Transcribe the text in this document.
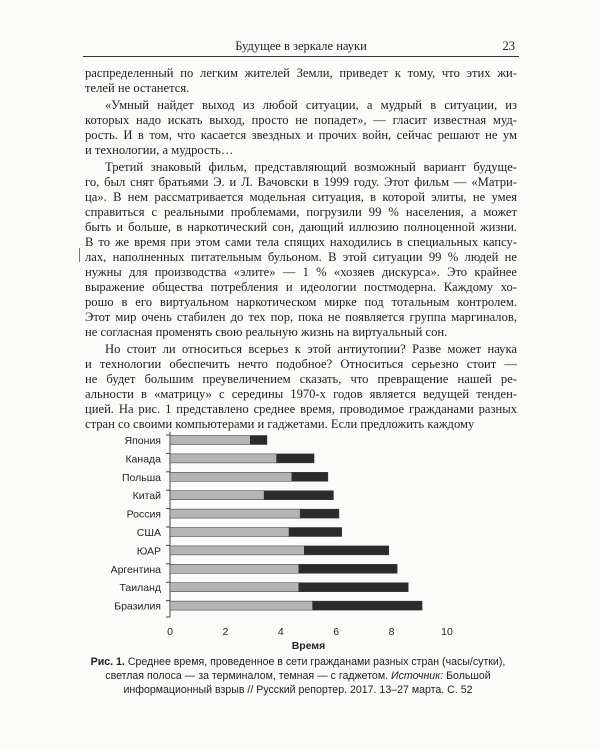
Будущее в зеркале науки	23
распределенный по легким жителей Земли, приведет к тому, что этих жи-
телей не останется.
«Умный найдет выход из любой ситуации, а мудрый в ситуации, из
которых надо искать выход, просто не попадет», — гласит известная муд-
рость. И в том, что касается звездных и прочих войн, сейчас решают не ум
и технологии, а мудрость…
Третий знаковый фильм, представляющий возможный вариант будуще-
го, был снят братьями Э. и Л. Вачовски в 1999 году. Этот фильм — «Матри-
ца». В нем рассматривается модельная ситуация, в которой элиты, не умея
справиться с реальными проблемами, погрузили 99 % населения, а может
быть и больше, в наркотический сон, дающий иллюзию полноценной жизни.
В то же время при этом сами тела спящих находились в специальных капсу-
лах, наполненных питательным бульоном. В этой ситуации 99 % людей не
нужны для производства «элите» — 1 % «хозяев дискурса». Это крайнее
выражение общества потребления и идеологии постмодерна. Каждому хо-
рошо в его виртуальном наркотическом мирке под тотальным контролем.
Этот мир очень стабилен до тех пор, пока не появляется группа маргиналов,
не согласная променять свою реальную жизнь на виртуальный сон.
Но стоит ли относиться всерьез к этой антиутопии? Разве может наука
и технологии обеспечить нечто подобное? Относиться серьезно стоит —
не будет большим преувеличением сказать, что превращение нашей ре-
альности в «матрицу» с середины 1970-х годов является ведущей тенден-
цией. На рис. 1 представлено среднее время, проводимое гражданами разных
стран со своими компьютерами и гаджетами. Если предложить каждому
Япония
Канада
Польша
Китай
Россия
США
ЮАР
Аргентина
Таиланд
Бразилия
0	2	4	6	8	10
Время
Рис. 1. Среднее время, проведенное в сети гражданами разных стран (часы/сутки),
светлая полоса — за терминалом, темная — с гаджетом. Источник: Большой
информационный взрыв // Русский репортер. 2017. 13–27 марта. С. 52
